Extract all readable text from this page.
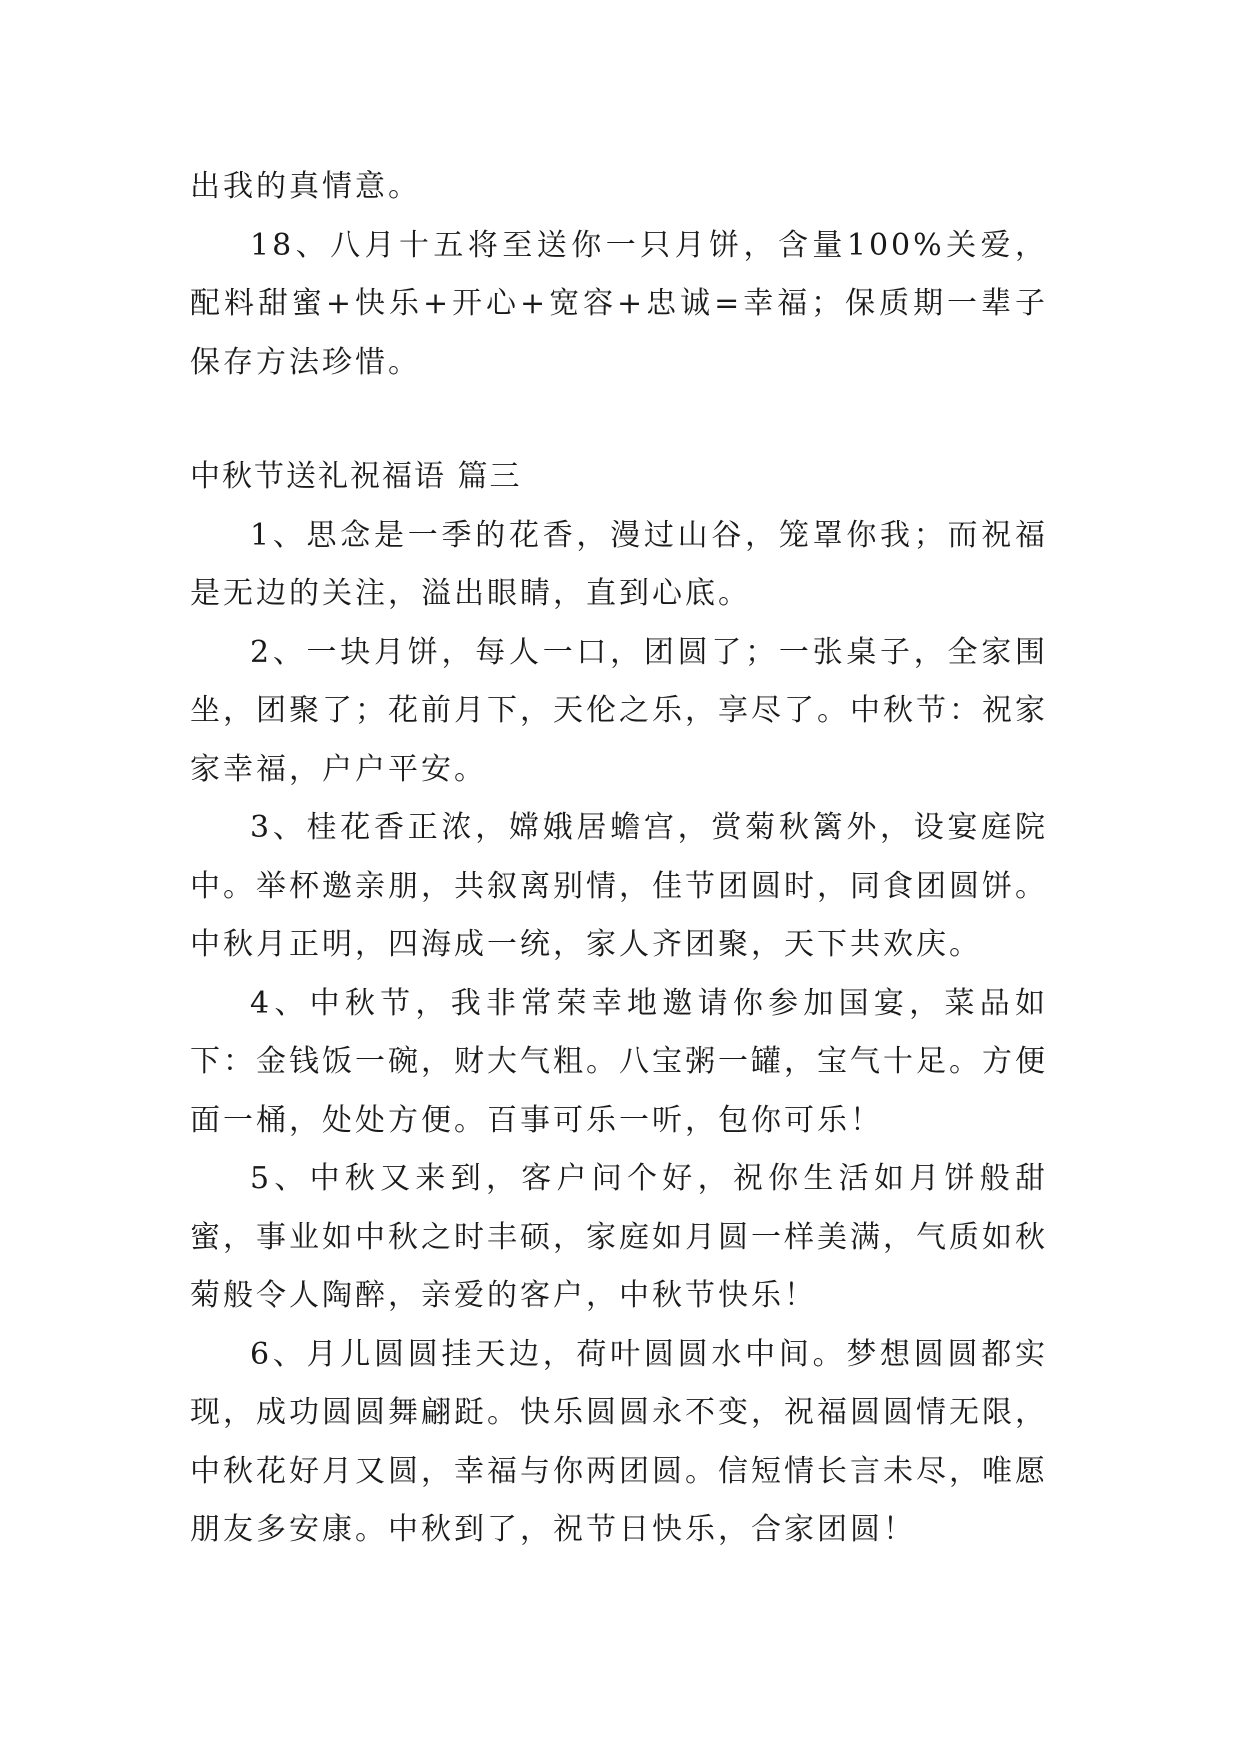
出我的真情意。

18、八月十五将至送你一只月饼，含量100%关爱，配料甜蜜+快乐+开心+宽容+忠诚=幸福；保质期一辈子保存方法珍惜。

中秋节送礼祝福语 篇三

1、思念是一季的花香，漫过山谷，笼罩你我；而祝福是无边的关注，溢出眼睛，直到心底。

2、一块月饼，每人一口，团圆了；一张桌子，全家围坐，团聚了；花前月下，天伦之乐，享尽了。中秋节：祝家家幸福，户户平安。

3、桂花香正浓，嫦娥居蟾宫，赏菊秋篱外，设宴庭院中。举杯邀亲朋，共叙离别情，佳节团圆时，同食团圆饼。中秋月正明，四海成一统，家人齐团聚，天下共欢庆。

4、中秋节，我非常荣幸地邀请你参加国宴，菜品如下：金钱饭一碗，财大气粗。八宝粥一罐，宝气十足。方便面一桶，处处方便。百事可乐一听，包你可乐！

5、中秋又来到，客户问个好，祝你生活如月饼般甜蜜，事业如中秋之时丰硕，家庭如月圆一样美满，气质如秋菊般令人陶醉，亲爱的客户，中秋节快乐！

6、月儿圆圆挂天边，荷叶圆圆水中间。梦想圆圆都实现，成功圆圆舞翩跹。快乐圆圆永不变，祝福圆圆情无限，中秋花好月又圆，幸福与你两团圆。信短情长言未尽，唯愿朋友多安康。中秋到了，祝节日快乐，合家团圆！
